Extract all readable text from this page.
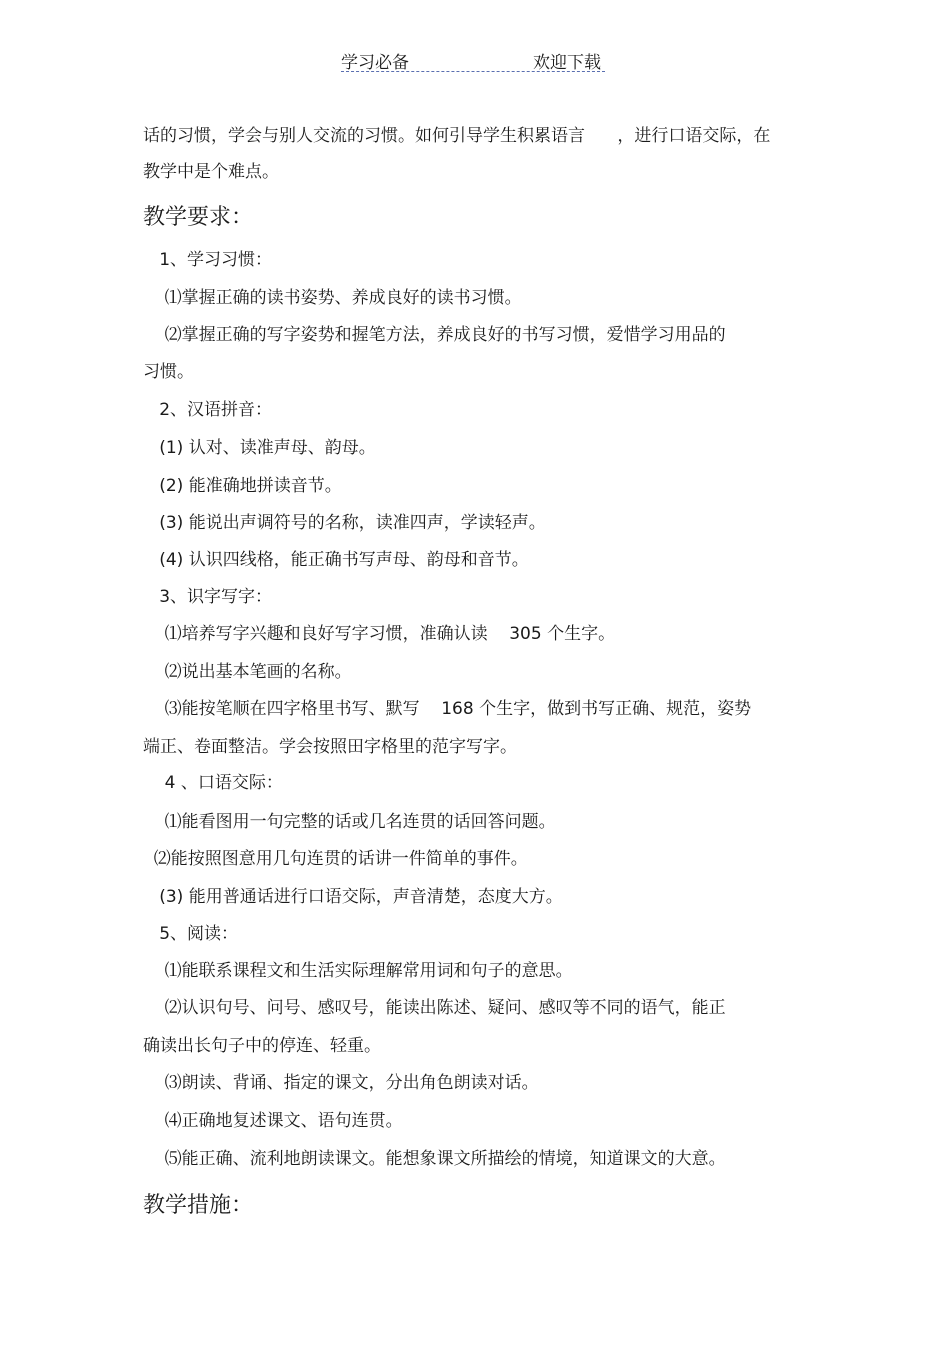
学习必备	欢迎下载
话的习惯，学会与别人交流的习惯。如何引导学生积累语言      ，进行口语交际，在
教学中是个难点。
教学要求：
1、学习习惯：
⑴掌握正确的读书姿势、养成良好的读书习惯。
⑵掌握正确的写字姿势和握笔方法，养成良好的书写习惯，爱惜学习用品的
习惯。
2、汉语拼音：
(1) 认对、读准声母、韵母。
(2) 能准确地拼读音节。
(3) 能说出声调符号的名称，读准四声，学读轻声。
(4) 认识四线格，能正确书写声母、韵母和音节。
3、识字写字：
⑴培养写字兴趣和良好写字习惯，准确认读    305 个生字。
⑵说出基本笔画的名称。
⑶能按笔顺在四字格里书写、默写    168 个生字，做到书写正确、规范，姿势
端正、卷面整洁。学会按照田字格里的范字写字。
4 、口语交际：
⑴能看图用一句完整的话或几名连贯的话回答问题。
⑵能按照图意用几句连贯的话讲一件简单的事件。
(3) 能用普通话进行口语交际，声音清楚，态度大方。
5、阅读：
⑴能联系课程文和生活实际理解常用词和句子的意思。
⑵认识句号、问号、感叹号，能读出陈述、疑问、感叹等不同的语气，能正
确读出长句子中的停连、轻重。
⑶朗读、背诵、指定的课文，分出角色朗读对话。
⑷正确地复述课文、语句连贯。
⑸能正确、流利地朗读课文。能想象课文所描绘的情境，知道课文的大意。
教学措施：
